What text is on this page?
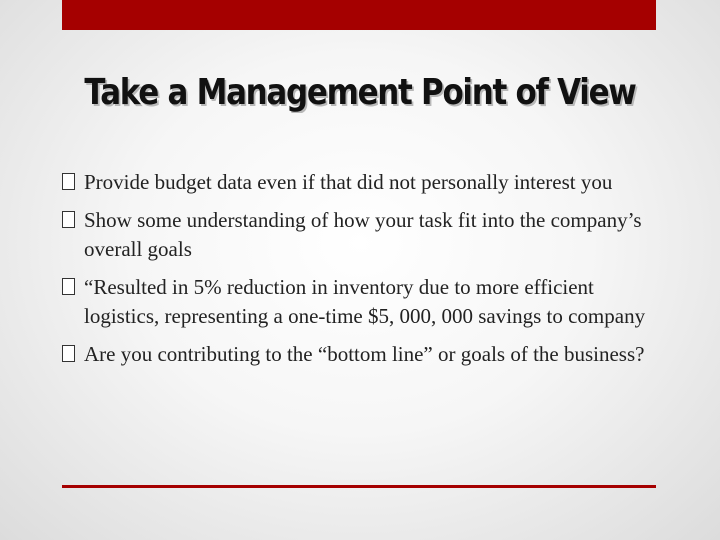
Take a Management Point of View
Provide budget data even if that did not personally interest you
Show some understanding of how your task fit into the company’s overall goals
“Resulted in 5% reduction in inventory due to more efficient logistics, representing a one-time $5, 000, 000 savings to company
Are you contributing to the “bottom line” or goals of the business?
